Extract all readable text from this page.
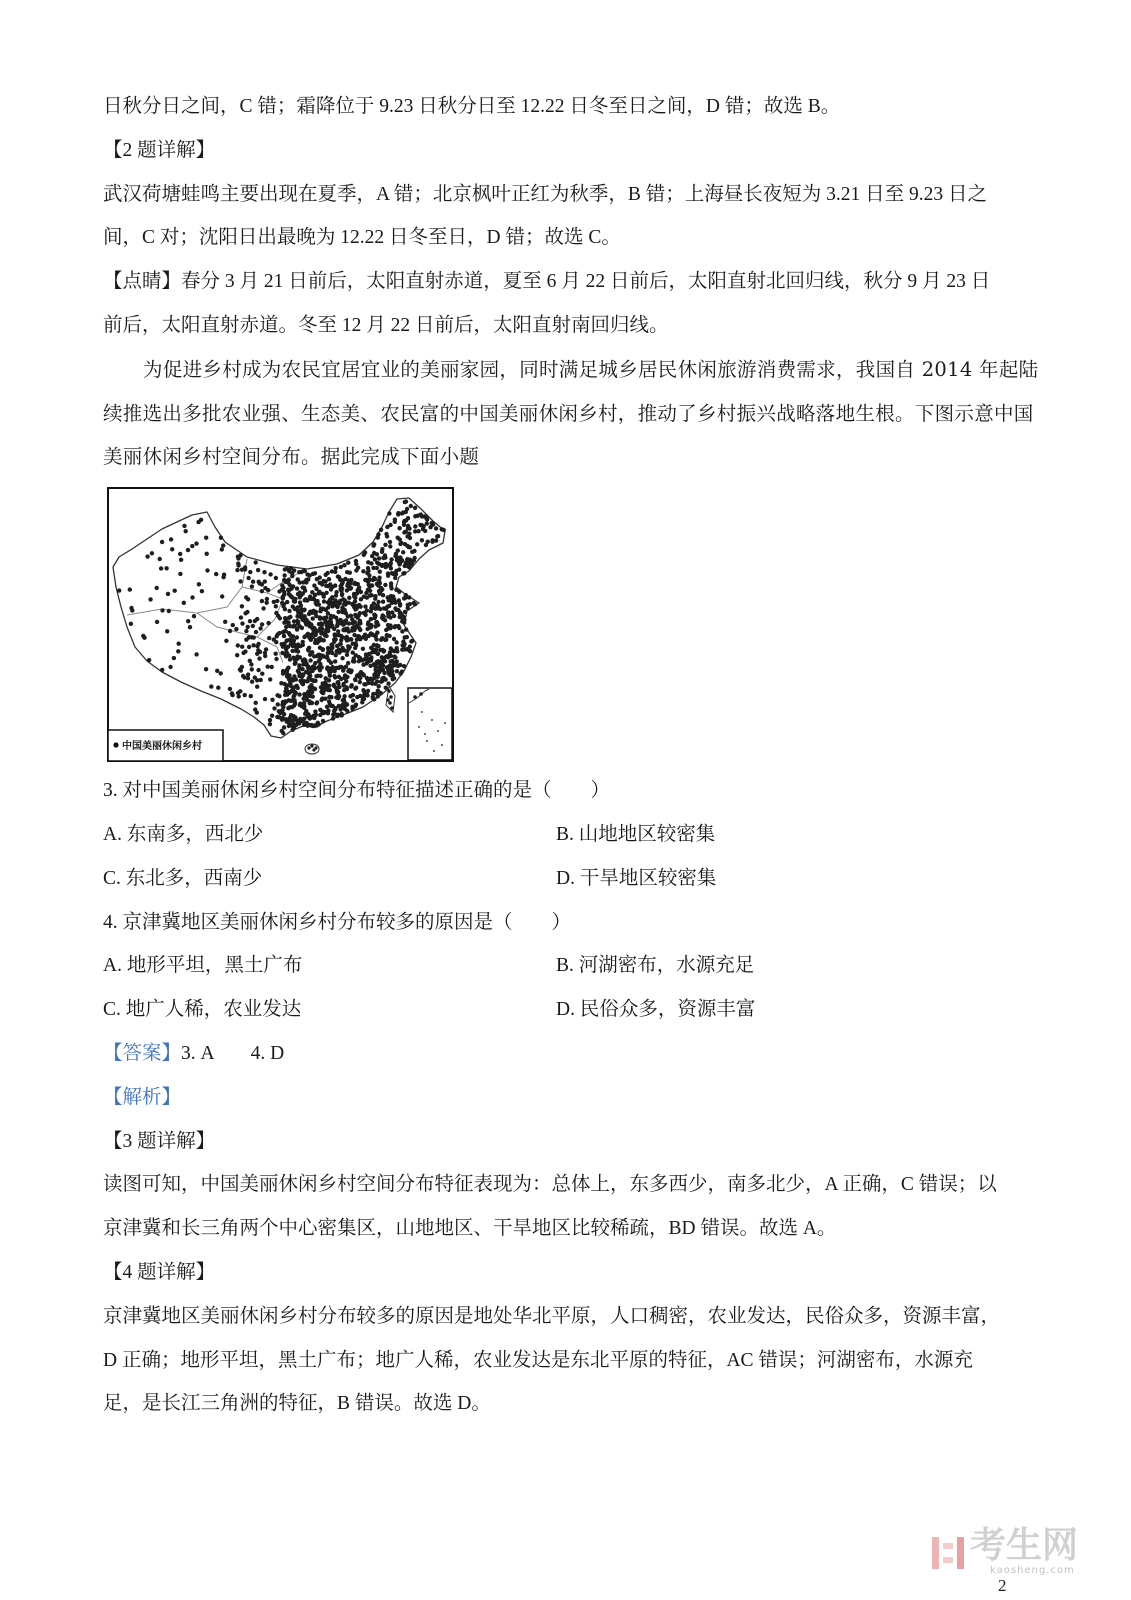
日秋分日之间，C 错；霜降位于 9.23 日秋分日至 12.22 日冬至日之间，D 错；故选 B。
【2 题详解】
武汉荷塘蛙鸣主要出现在夏季，A 错；北京枫叶正红为秋季，B 错；上海昼长夜短为 3.21 日至 9.23 日之
间，C 对；沈阳日出最晚为 12.22 日冬至日，D 错；故选 C。
【点睛】春分 3 月 21 日前后，太阳直射赤道，夏至 6 月 22 日前后，太阳直射北回归线，秋分 9 月 23 日
前后，太阳直射赤道。冬至 12 月 22 日前后，太阳直射南回归线。
为促进乡村成为农民宜居宜业的美丽家园，同时满足城乡居民休闲旅游消费需求，我国自 2014 年起陆
续推选出多批农业强、生态美、农民富的中国美丽休闲乡村，推动了乡村振兴战略落地生根。下图示意中国
美丽休闲乡村空间分布。据此完成下面小题
中国美丽休闲乡村
3. 对中国美丽休闲乡村空间分布特征描述正确的是（　　）
A. 东南多，西北少	B. 山地地区较密集
C. 东北多，西南少	D. 干旱地区较密集
4. 京津冀地区美丽休闲乡村分布较多的原因是（　　）
A. 地形平坦，黑土广布	B. 河湖密布，水源充足
C. 地广人稀，农业发达	D. 民俗众多，资源丰富
【答案】3. A 4. D
【解析】
【3 题详解】
读图可知，中国美丽休闲乡村空间分布特征表现为：总体上，东多西少，南多北少，A 正确，C 错误；以
京津冀和长三角两个中心密集区，山地地区、干旱地区比较稀疏，BD 错误。故选 A。
【4 题详解】
京津冀地区美丽休闲乡村分布较多的原因是地处华北平原，人口稠密，农业发达，民俗众多，资源丰富，
D 正确；地形平坦，黑土广布；地广人稀，农业发达是东北平原的特征，AC 错误；河湖密布，水源充
足，是长江三角洲的特征，B 错误。故选 D。
考生网
kaosheng.com
2
